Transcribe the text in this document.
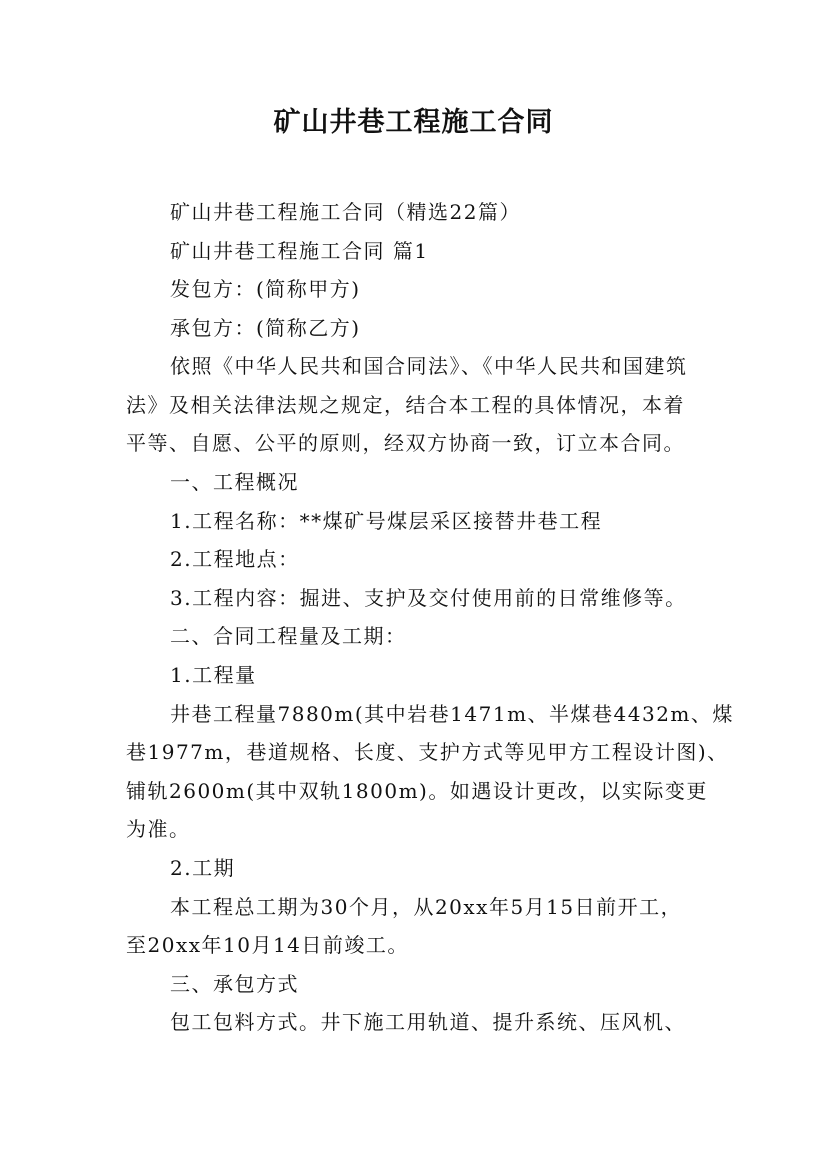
矿山井巷工程施工合同
矿山井巷工程施工合同（精选22篇）
矿山井巷工程施工合同 篇1
发包方：(简称甲方)
承包方：(简称乙方)
依照《中华人民共和国合同法》、《中华人民共和国建筑
法》及相关法律法规之规定，结合本工程的具体情况，本着
平等、自愿、公平的原则，经双方协商一致，订立本合同。
一、工程概况
1.工程名称：**煤矿号煤层采区接替井巷工程
2.工程地点：
3.工程内容：掘进、支护及交付使用前的日常维修等。
二、合同工程量及工期：
1.工程量
井巷工程量7880m(其中岩巷1471m、半煤巷4432m、煤
巷1977m，巷道规格、长度、支护方式等见甲方工程设计图)、
铺轨2600m(其中双轨1800m)。如遇设计更改，以实际变更
为准。
2.工期
本工程总工期为30个月，从20xx年5月15日前开工，
至20xx年10月14日前竣工。
三、承包方式
包工包料方式。井下施工用轨道、提升系统、压风机、
